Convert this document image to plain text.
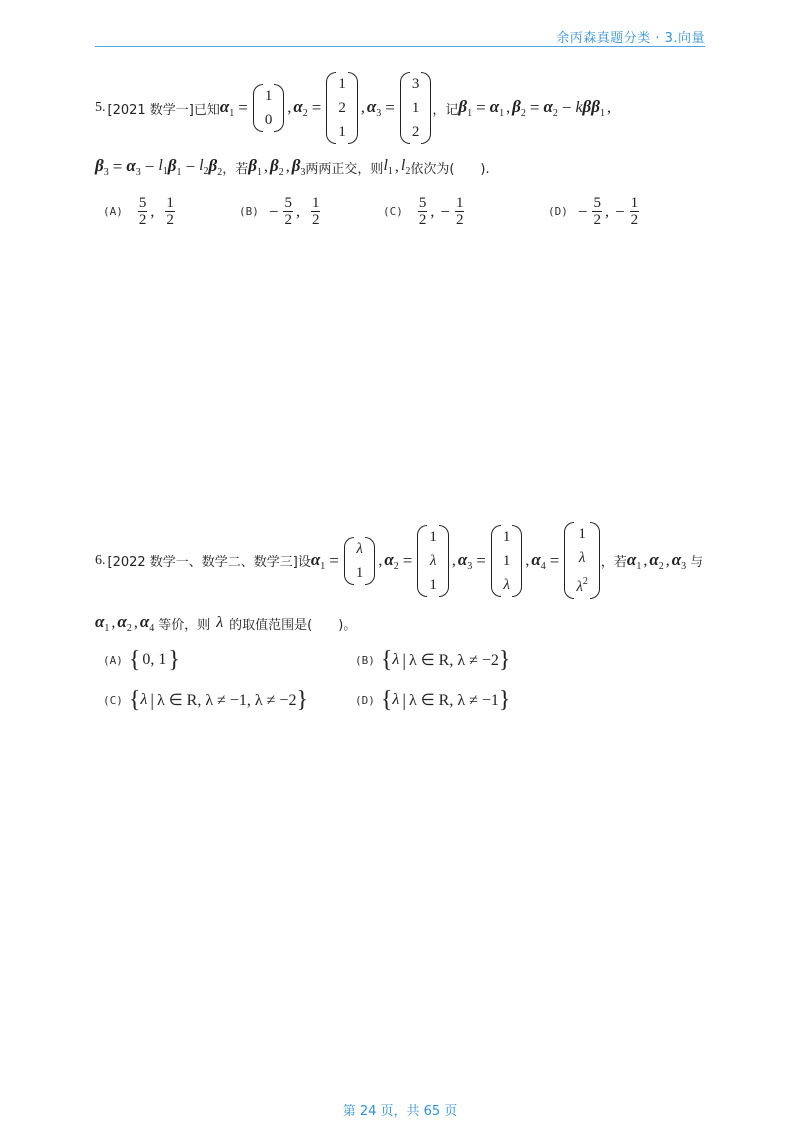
余丙森真题分类 · 3.向量
5. [2021 数学一] 已知 $\alpha_1$ =
1
0
, $\alpha_2$ =
1
2
1
, $\alpha_3$ =
3
1
2
，记 $\beta_1 = \alpha_1$ , $\beta_2 = \alpha_2 - k$ $\beta\beta_1$ ,
$\beta_3 = \alpha_3 - l_1$ $\beta_1 - l_2$ $\beta_2$ ，若 $\beta_1$ , $\beta_2$ , $\beta_3$ 两两正交，则 $l_1$ , $l_2$ 依次为(　　).
$(A) \frac{5}{2}$ , $\frac{1}{2}$	$(B) - \frac{5}{2}$ , $\frac{1}{2}$	$(C) \frac{5}{2}$ , − $\frac{1}{2}$	$(D) - \frac{5}{2}$ , − $\frac{1}{2}$
6. [2022 数学一、数学二、数学三] 设 $\alpha_1$ =
λ
1
, $\alpha_2$ =
1
λ
1
, $\alpha_3$ =
1
1
λ
, $\alpha_4$ =
1
λ
$\lambda^2$
，若 $\alpha_1$ , $\alpha_2$ , $\alpha_3$ 与
$\alpha_1$ , $\alpha_2$ , $\alpha_4$ 等价，则 λ 的取值范围是(　　)。
(A) { 0, 1 }	(B) { λ | λ ∈ R, λ ≠ −2 }
(C) { λ | λ ∈ R, λ ≠ −1, λ ≠ −2 }	(D) { λ | λ ∈ R, λ ≠ −1 }
第 24 页，共 65 页
